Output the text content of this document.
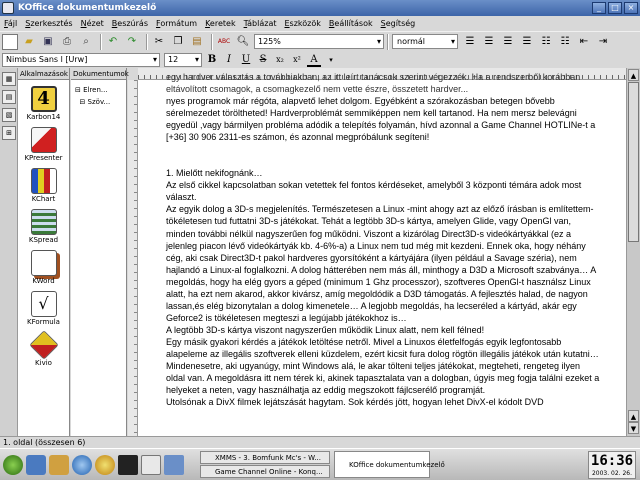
KOffice dokumentumkezelő	_	□	×
Fájl Szerkesztés Nézet Beszúrás Formátum Keretek Táblázat Eszközök Beállítások Segítség
▰	▣	⎙	⌕	↶	↷	✂	❐ ▤	ABC 🔍︎	125% ▾	normál ▾	☰	☰	☰	☰	☷	☷	⇤	⇥
Nimbus Sans l [Urw] ▾	12 ▾	B	I	U S	x₂	x² A	▾
▦
▤
▧
⊞
Alkalmazások
4
Karbon14
KPresenter
KChart
KSpread
KWord
√
KFormula
Kivio
Dokumentumok
⊟ Elren...
⊟ Szöv...

egy hardver választás a továbbiakban, az itt leírt tanácsok szerint végezzék. Ha a rendszerből korábban eltávolított csomagok, a csomagkezelő nem vette észre, összetett hardver...

nyes programok már régóta, alapvető lehet dolgom. Egyébként a szórakozásban betegen bővebb sérelmezedet töröltheted! Hardverproblémát semmiképpen nem kell tartanod. Ha nem mersz belevágni egyedül ,vagy bármilyen probléma adódik a telepítés folyamán, hívd azonnal a Game Channel HOTLINe-t a [+36] 30 906 2311-es számon, és azonnal megpróbálunk segíteni!

1. Mielőtt nekifognánk…

Az első cikkel kapcsolatban sokan vetettek fel fontos kérdéseket, amelyből 3 központi témára adok most választ.

Az egyik dolog a 3D-s megjelenítés. Természetesen a Linux -mint ahogy azt az előző írásban is említettem- tökéletesen tud futtatni 3D-s játékokat. Tehát a legtöbb 3D-s kártya, amelyen Glide, vagy OpenGl van, minden további nélkül nagyszerűen fog működni. Viszont a kizárólag Direct3D-s videókártyákkal (ez a jelenleg piacon lévő videókártyák kb. 4-6%-a) a Linux nem tud még mit kezdeni. Ennek oka, hogy néhány cég, aki csak Direct3D-t pakol hardveres gyorsítóként a kártyájára (ilyen például a Savage széria), nem hajlandó a Linux-al foglalkozni. A dolog hátterében nem más áll, minthogy a D3D a Microsoft szabványa… A megoldás, hogy ha elég gyors a géped (minimum 1 Ghz processzor), szoftveres OpenGl-t használsz Linux alatt, ha ezt nem akarod, akkor kivársz, amíg megoldódik a D3D támogatás. A fejlesztés halad, de nagyon lassan,és elég bizonytalan a dolog kimenetele… A legjobb megoldás, ha lecseréled a kártyád, akár egy Geforce2 is tökéletesen megteszi a legújabb játékokhoz is…

A legtöbb 3D-s kártya viszont nagyszerűen működik Linux alatt, nem kell félned!

Egy másik gyakori kérdés a játékok letöltése netről. Mivel a Linuxos életfelfogás egyik legfontosabb alapeleme az illegális szoftverek elleni küzdelem, ezért kicsit fura dolog rögtön illegális játékok után kutatni… Mindenesetre, aki ugyanúgy, mint Windows alá, le akar tölteni teljes játékokat, megteheti, rengeteg ilyen oldal van. A megoldásra itt nem térek ki, akinek tapasztalata van a dologban, úgyis meg fogja találni ezeket a helyeket a neten, vagy használhatja az eddig megszokott fájlcserélő programját.

Utolsónak a DivX filmek lejátszását hagytam. Sok kérdés jött, hogyan lehet DivX-el kódolt DVD

▲
▲
▼
1. oldal (összesen 6)
XMMS - 3. Bomfunk Mc's - W...
Game Channel Online - Konq...
KOffice dokumentumkezelő	16:36
2003. 02. 26.
